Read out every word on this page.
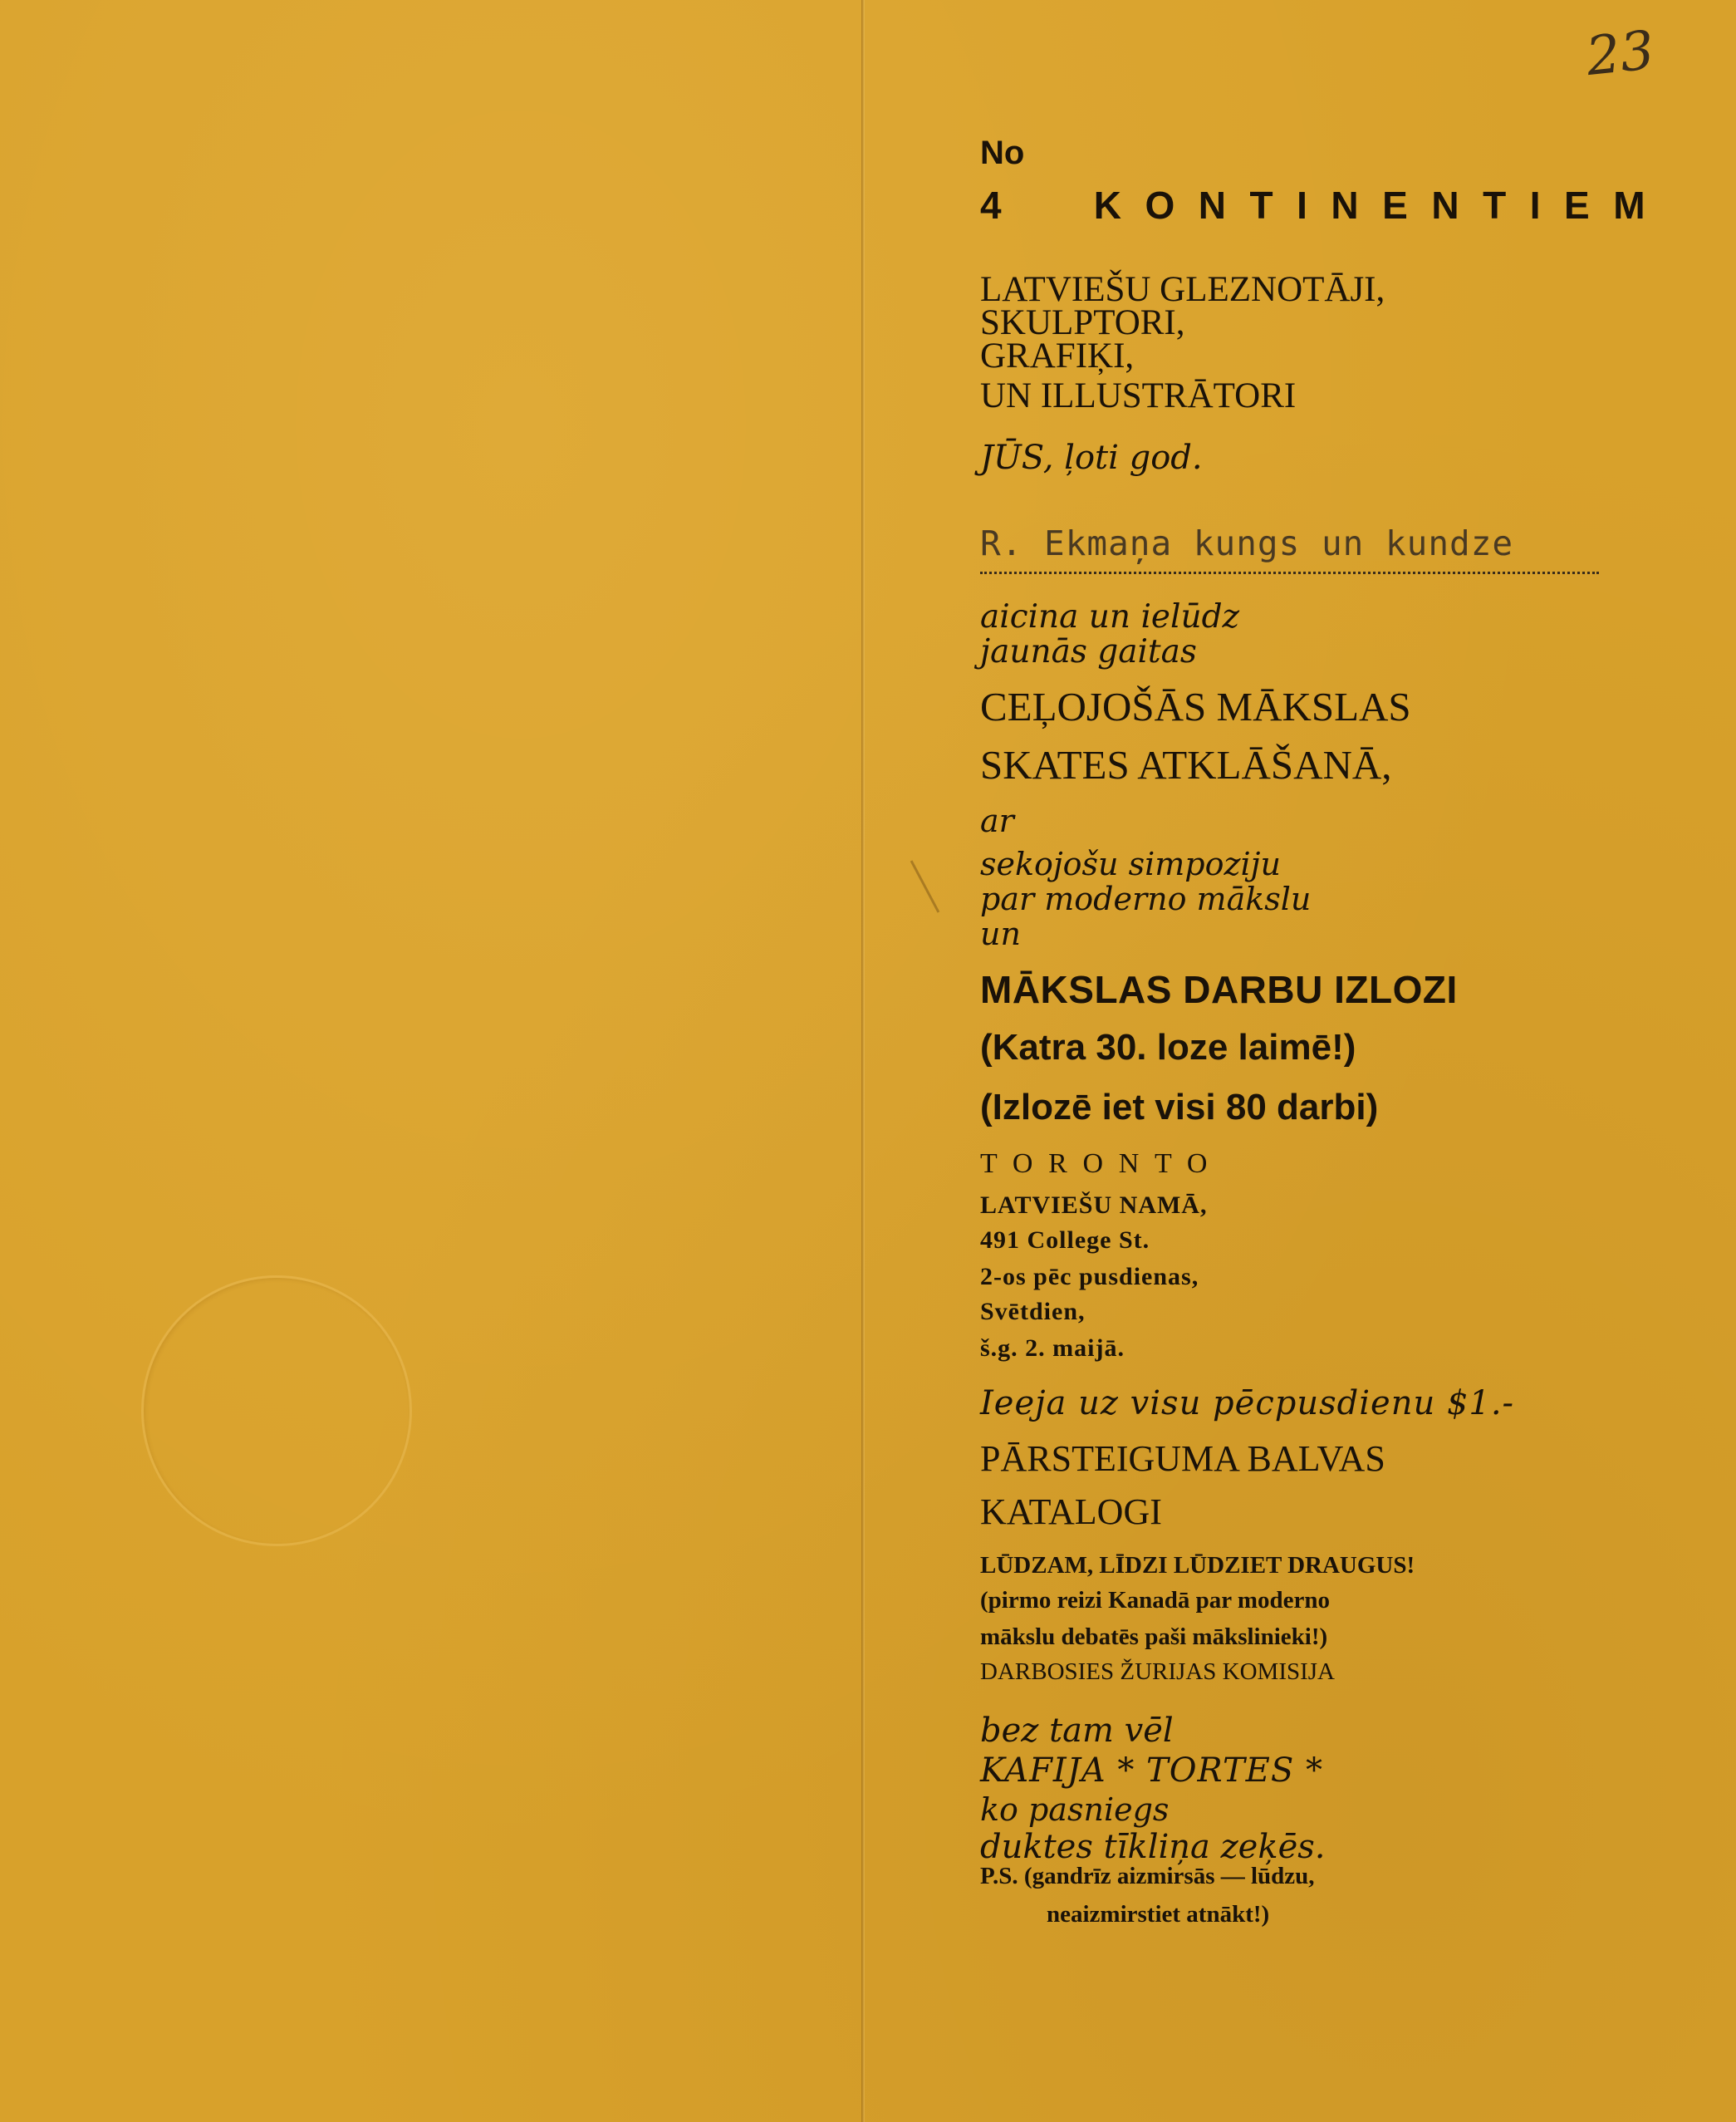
23
No
4  KONTINENTIEM
LATVIEŠU GLEZNOTĀJI,
SKULPTORI,
GRAFIĶI,
UN ILLUSTRĀTORI
JŪS, ļoti god.
R. Ekmaņa kungs un kundze
aicina un ielūdz
jaunās gaitas
CEĻOJOŠĀS MĀKSLAS
SKATES ATKLĀŠANĀ,
ar
sekojošu simpoziju
par moderno mākslu
un
MĀKSLAS DARBU IZLOZI
(Katra 30. loze laimē!)
(Izlozē iet visi 80 darbi)
TORONTO
LATVIEŠU NAMĀ,
491 College St.
2-os pēc pusdienas,
Svētdien,
š.g. 2. maijā.
Ieeja uz visu pēcpusdienu $1.-
PĀRSTEIGUMA BALVAS
KATALOGI
LŪDZAM, LĪDZI LŪDZIET DRAUGUS!
(pirmo reizi Kanadā par moderno
mākslu debatēs paši mākslinieki!)
DARBOSIES ŽURIJAS KOMISIJA
bez tam vēl
KAFIJA * TORTES *
ko pasniegs
duktes tīkliņa zeķēs.
P.S. (gandrīz aizmirsās — lūdzu,
neaizmirstiet atnākt!)
